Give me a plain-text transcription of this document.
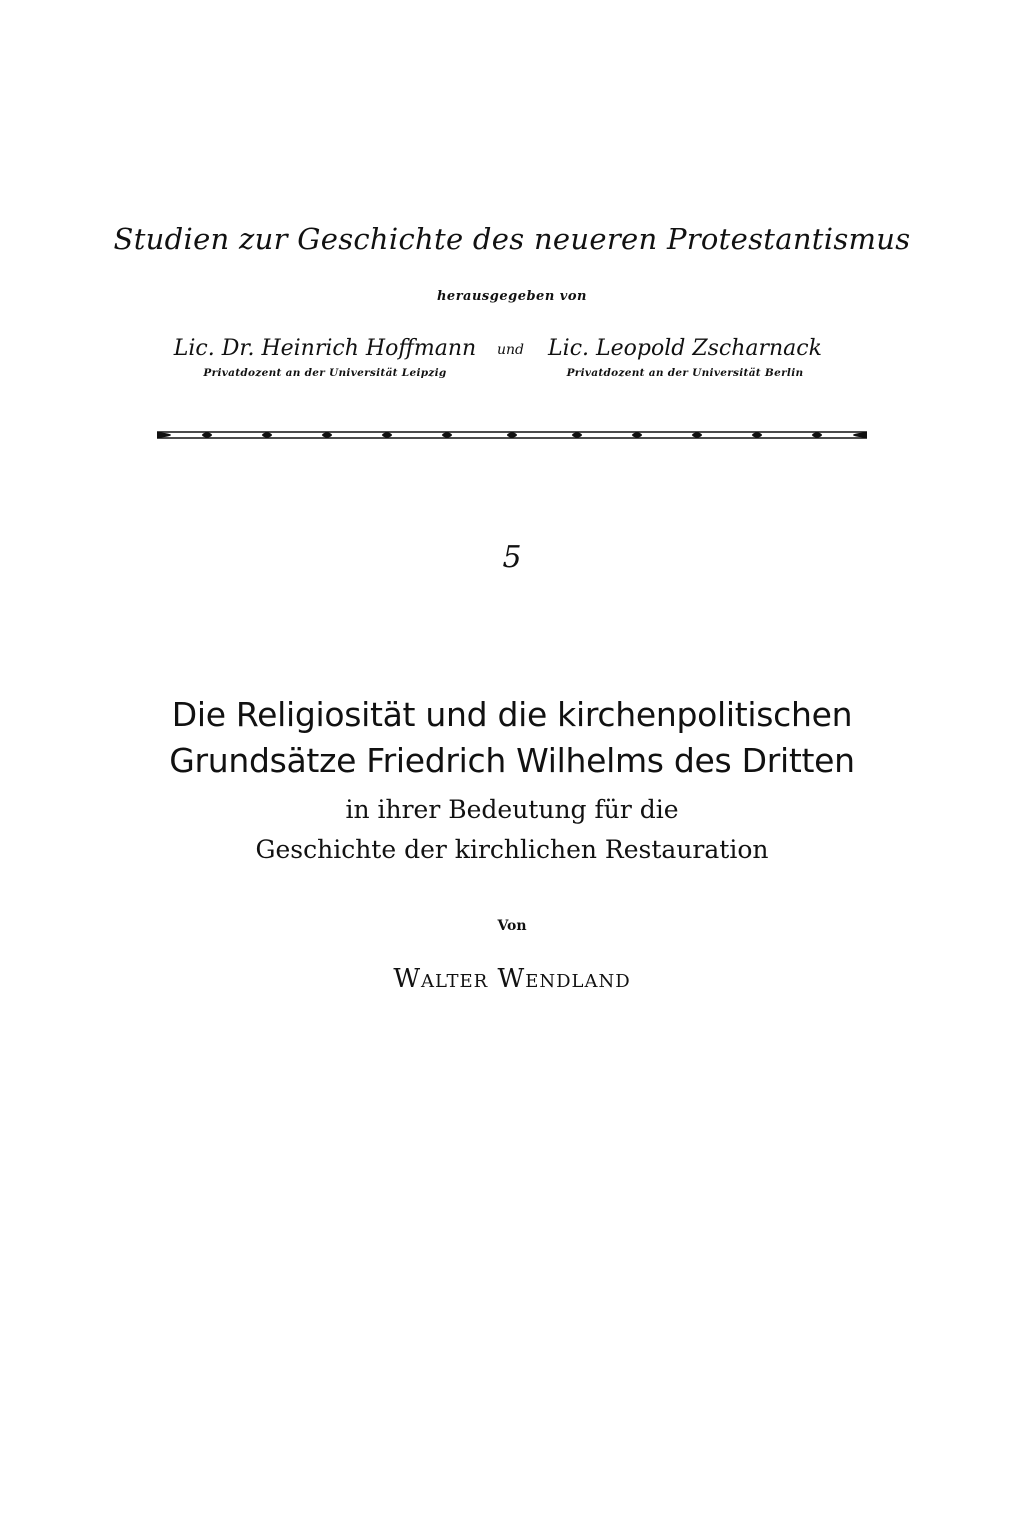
Studien zur Geschichte des neueren Protestantismus
herausgegeben von
Lic. Dr. Heinrich Hoffmann
Privatdozent an der Universität Leipzig
und	Lic. Leopold Zscharnack
Privatdozent an der Universität Berlin
5
Die Religiosität und die kirchenpolitischen
Grundsätze Friedrich Wilhelms des Dritten
in ihrer Bedeutung für die
Geschichte der kirchlichen Restauration
Von
Walter Wendland
